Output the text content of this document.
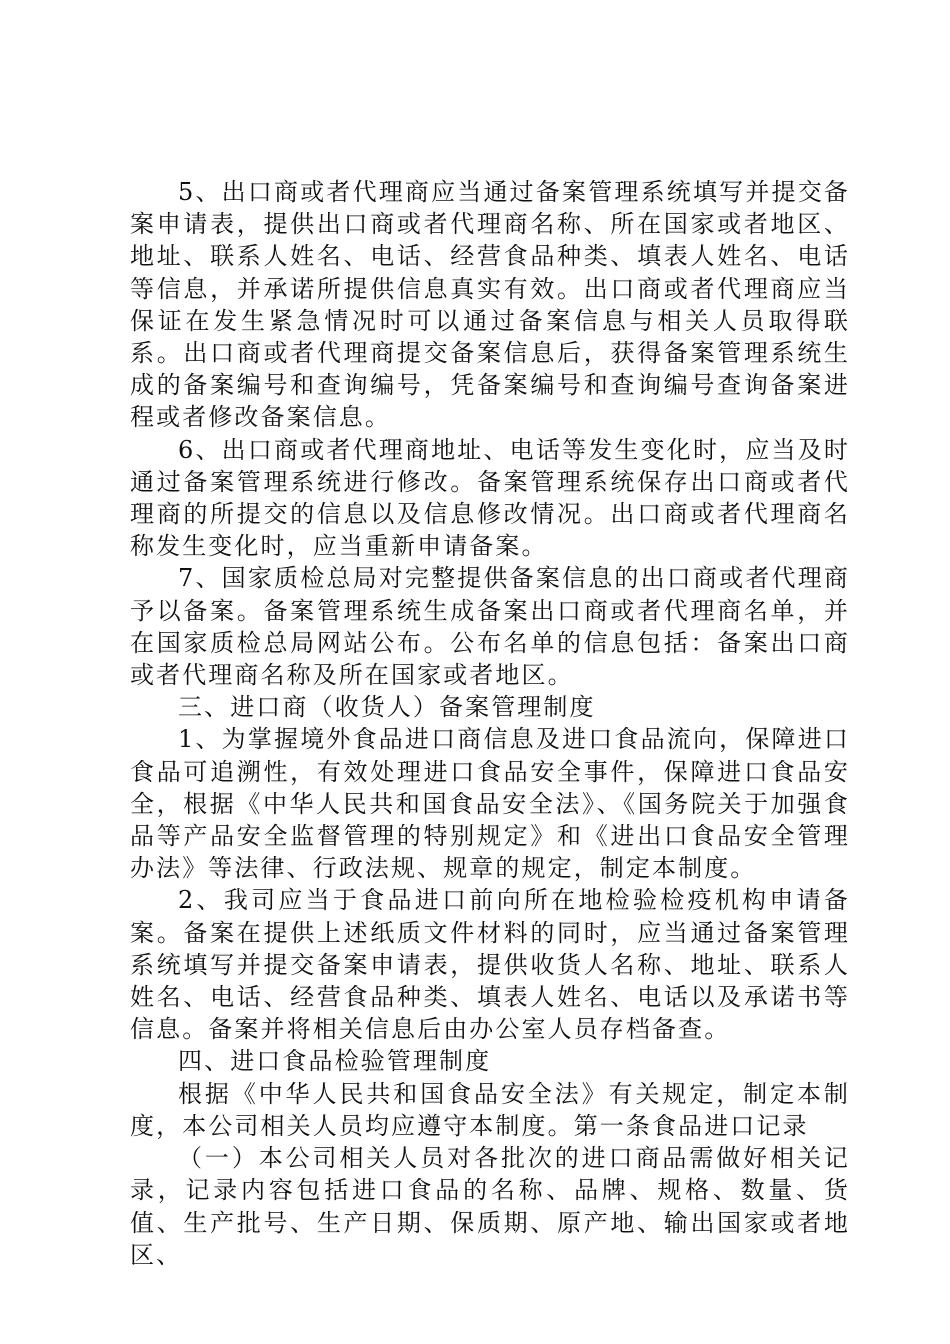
5、出口商或者代理商应当通过备案管理系统填写并提交备案申请表，提供出口商或者代理商名称、所在国家或者地区、地址、联系人姓名、电话、经营食品种类、填表人姓名、电话等信息，并承诺所提供信息真实有效。出口商或者代理商应当保证在发生紧急情况时可以通过备案信息与相关人员取得联系。出口商或者代理商提交备案信息后，获得备案管理系统生成的备案编号和查询编号，凭备案编号和查询编号查询备案进程或者修改备案信息。

6、出口商或者代理商地址、电话等发生变化时，应当及时通过备案管理系统进行修改。备案管理系统保存出口商或者代理商的所提交的信息以及信息修改情况。出口商或者代理商名称发生变化时，应当重新申请备案。

7、国家质检总局对完整提供备案信息的出口商或者代理商予以备案。备案管理系统生成备案出口商或者代理商名单，并在国家质检总局网站公布。公布名单的信息包括：备案出口商或者代理商名称及所在国家或者地区。

三、进口商（收货人）备案管理制度

1、为掌握境外食品进口商信息及进口食品流向，保障进口食品可追溯性，有效处理进口食品安全事件，保障进口食品安全，根据《中华人民共和国食品安全法》、《国务院关于加强食品等产品安全监督管理的特别规定》和《进出口食品安全管理办法》等法律、行政法规、规章的规定，制定本制度。

2、我司应当于食品进口前向所在地检验检疫机构申请备案。备案在提供上述纸质文件材料的同时，应当通过备案管理系统填写并提交备案申请表，提供收货人名称、地址、联系人姓名、电话、经营食品种类、填表人姓名、电话以及承诺书等信息。备案并将相关信息后由办公室人员存档备查。

四、进口食品检验管理制度

根据《中华人民共和国食品安全法》有关规定，制定本制度，本公司相关人员均应遵守本制度。第一条食品进口记录

（一）本公司相关人员对各批次的进口商品需做好相关记录，记录内容包括进口食品的名称、品牌、规格、数量、货值、生产批号、生产日期、保质期、原产地、输出国家或者地区、
